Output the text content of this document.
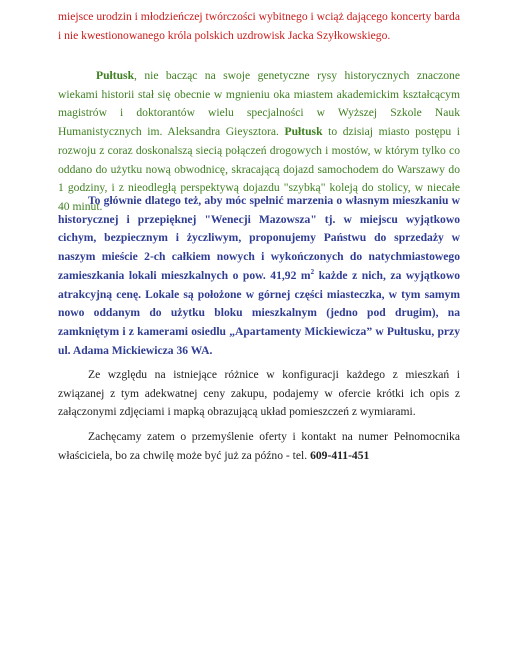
miejsce urodzin i młodzieńczej twórczości wybitnego i wciąż dającego koncerty barda i nie kwestionowanego króla polskich uzdrowisk Jacka Szyłkowskiego.

Pułtusk, nie bacząc na swoje genetyczne rysy historycznych znaczone wiekami historii stał się obecnie w mgnieniu oka miastem akademickim kształcącym magistrów i doktorantów wielu specjalności w Wyższej Szkole Nauk Humanistycznych im. Aleksandra Gieysztora. Pułtusk to dzisiaj miasto postępu i rozwoju z coraz doskonalszą siecią połączeń drogowych i mostów, w którym tylko co oddano do użytku nową obwodnicę, skracającą dojazd samochodem do Warszawy do 1 godziny, i z nieodległą perspektywą dojazdu "szybką" koleją do stolicy, w niecałe 40 minut.

To głównie dlatego też, aby móc spełnić marzenia o własnym mieszkaniu w historycznej i przepięknej "Wenecji Mazowsza" tj. w miejscu wyjątkowo cichym, bezpiecznym i życzliwym, proponujemy Państwu do sprzedaży w naszym mieście 2-ch całkiem nowych i wykończonych do natychmiastowego zamieszkania lokali mieszkalnych o pow. 41,92 $m^2$ każde z nich, za wyjątkowo atrakcyjną cenę. Lokale są położone w górnej części miasteczka, w tym samym nowo oddanym do użytku bloku mieszkalnym (jedno pod drugim), na zamkniętym i z kamerami osiedlu „Apartamenty Mickiewicza” w Pułtusku, przy ul. Adama Mickiewicza 36 WA.

Ze względu na istniejące różnice w konfiguracji każdego z mieszkań i związanej z tym adekwatnej ceny zakupu, podajemy w ofercie krótki ich opis z załączonymi zdjęciami i mapką obrazującą układ pomieszczeń z wymiarami.

Zachęcamy zatem o przemyślenie oferty i kontakt na numer Pełnomocnika właściciela, bo za chwilę może być już za późno - tel. 609-411-451
